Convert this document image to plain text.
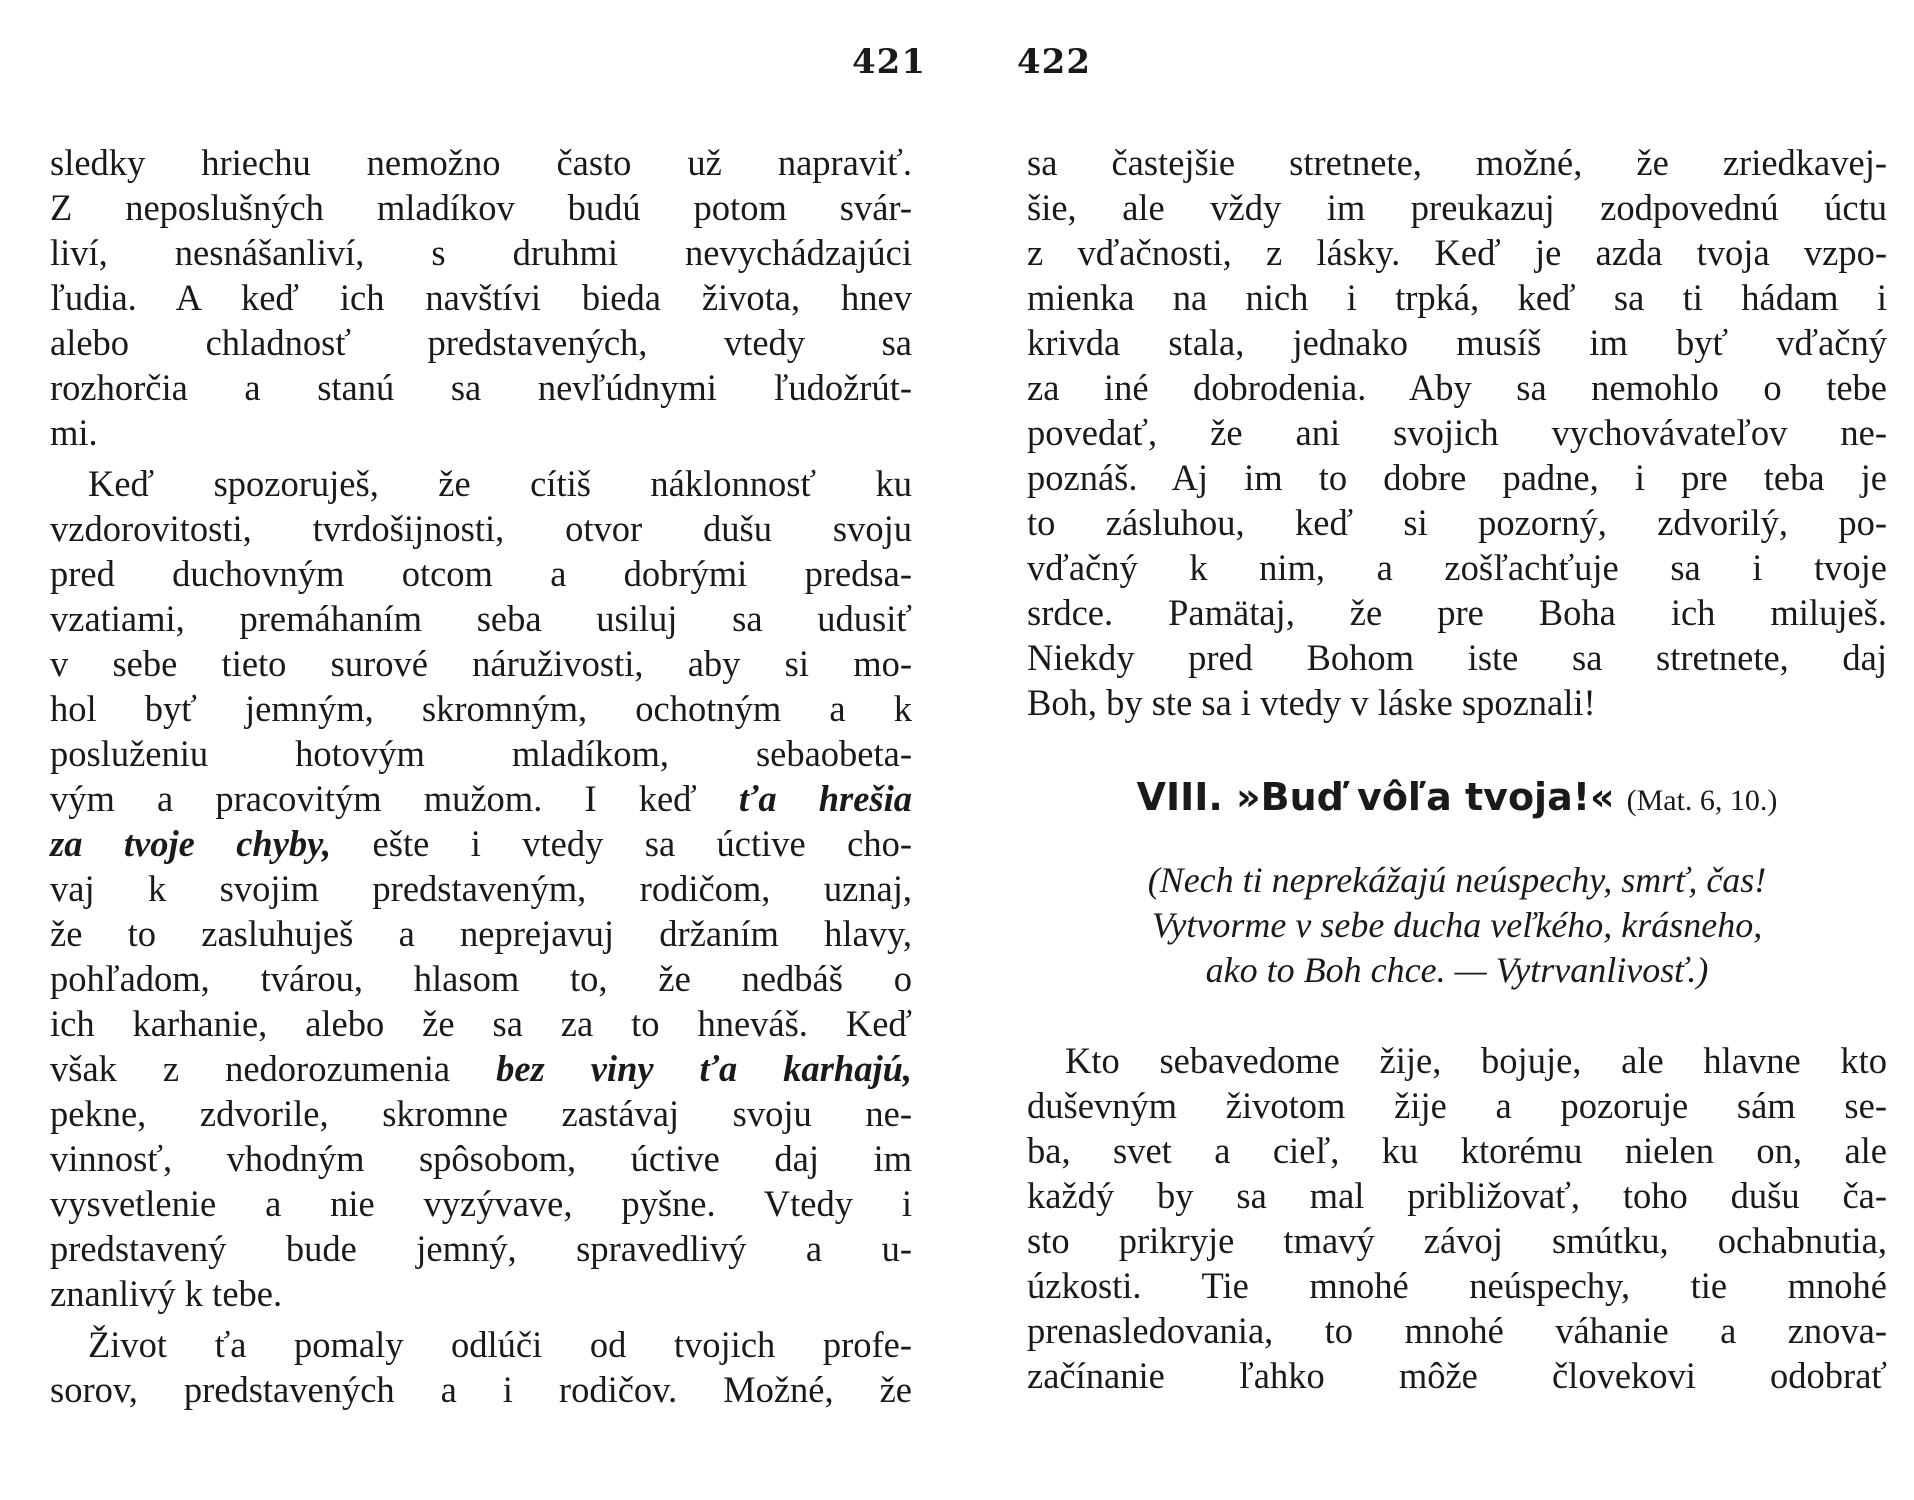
421

sledky hriechu nemožno často už napraviť.
Z neposlušných mladíkov budú potom svár-
liví, nesnášanliví, s druhmi nevychádzajúci
ľudia. A keď ich navštívi bieda života, hnev
alebo chladnosť predstavených, vtedy sa
rozhorčia a stanú sa nevľúdnymi ľudožrút-
mi.

Keď spozoruješ, že cítiš náklonnosť ku
vzdorovitosti, tvrdošijnosti, otvor dušu svoju
pred duchovným otcom a dobrými predsa-
vzatiami, premáhaním seba usiluj sa udusiť
v sebe tieto surové náruživosti, aby si mo-
hol byť jemným, skromným, ochotným a k
posluženiu hotovým mladíkom, sebaobeta-
vým a pracovitým mužom. I keď ťa hrešia
za tvoje chyby, ešte i vtedy sa úctive cho-
vaj k svojim predstaveným, rodičom, uznaj,
že to zasluhuješ a neprejavuj držaním hlavy,
pohľadom, tvárou, hlasom to, že nedbáš o
ich karhanie, alebo že sa za to hneváš. Keď
však z nedorozumenia bez viny ťa karhajú,
pekne, zdvorile, skromne zastávaj svoju ne-
vinnosť, vhodným spôsobom, úctive daj im
vysvetlenie a nie vyzývave, pyšne. Vtedy i
predstavený bude jemný, spravedlivý a u-
znanlivý k tebe.

Život ťa pomaly odlúči od tvojich profe-
sorov, predstavených a i rodičov. Možné, že

422
sa častejšie stretnete, možné, že zriedkavej-
šie, ale vždy im preukazuj zodpovednú úctu
z vďačnosti, z lásky. Keď je azda tvoja vzpo-
mienka na nich i trpká, keď sa ti hádam i
krivda stala, jednako musíš im byť vďačný
za iné dobrodenia. Aby sa nemohlo o tebe
povedať, že ani svojich vychovávateľov ne-
poznáš. Aj im to dobre padne, i pre teba je
to zásluhou, keď si pozorný, zdvorilý, po-
vďačný k nim, a zošľachťuje sa i tvoje
srdce. Pamätaj, že pre Boha ich miluješ.
Niekdy pred Bohom iste sa stretnete, daj
Boh, by ste sa i vtedy v láske spoznali!
VIII. »Buď vôľa tvoja!« (Mat. 6, 10.)
(Nech ti neprekážajú neúspechy, smrť, čas!
Vytvorme v sebe ducha veľkého, krásneho,
ako to Boh chce. — Vytrvanlivosť.)
Kto sebavedome žije, bojuje, ale hlavne kto
duševným životom žije a pozoruje sám se-
ba, svet a cieľ, ku ktorému nielen on, ale
každý by sa mal približovať, toho dušu ča-
sto prikryje tmavý závoj smútku, ochabnutia,
úzkosti. Tie mnohé neúspechy, tie mnohé
prenasledovania, to mnohé váhanie a znova-
začínanie ľahko môže človekovi odobrať
